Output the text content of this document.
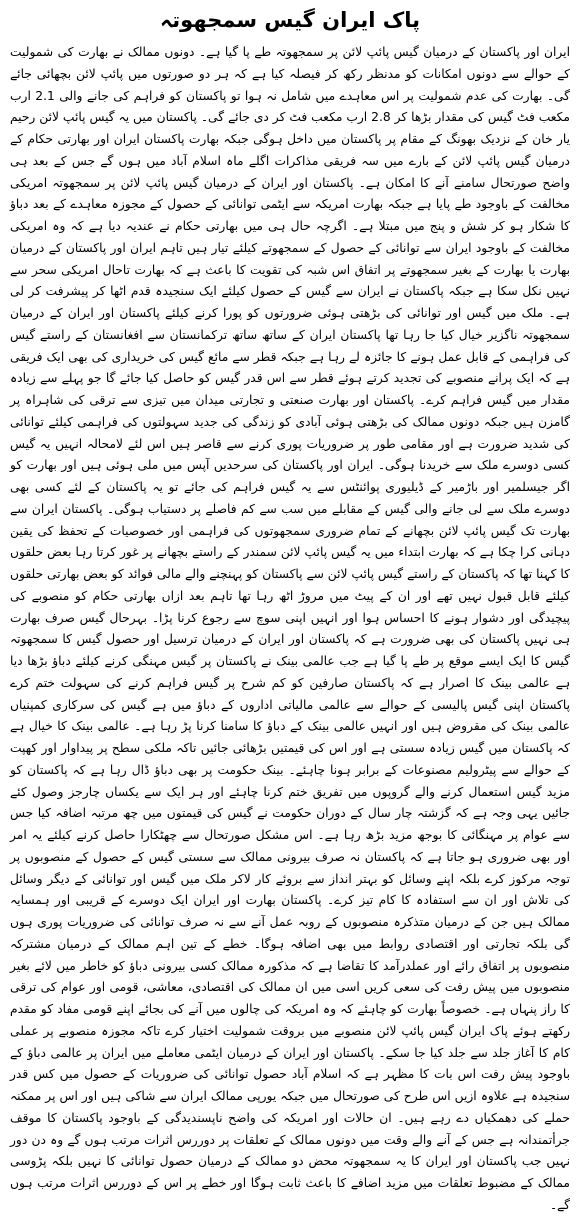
پاک ایران گیس سمجھوتہ

ایران اور پاکستان کے درمیان گیس پائپ لائن پر سمجھوتہ طے پا گیا ہے۔ دونوں ممالک نے بھارت کی شمولیت کے حوالے سے دونوں امکانات کو مدنظر رکھ کر فیصلہ کیا ہے کہ ہر دو صورتوں میں پائپ لائن بچھائی جائے گی۔ بھارت کی عدم شمولیت پر اس معاہدے میں شامل نہ ہوا تو پاکستان کو فراہم کی جانے والی 2.1 ارب مکعب فٹ گیس کی مقدار بڑھا کر 2.8 ارب مکعب فٹ کر دی جائے گی۔ پاکستان میں یہ گیس پائپ لائن رحیم یار خان کے نزدیک بھونگ کے مقام پر پاکستان میں داخل ہوگی جبکہ بھارت پاکستان ایران اور بھارتی حکام کے درمیان گیس پائپ لائن کے بارے میں سہ فریقی مذاکرات اگلے ماہ اسلام آباد میں ہوں گے جس کے بعد ہی واضح صورتحال سامنے آنے کا امکان ہے۔ پاکستان اور ایران کے درمیان گیس پائپ لائن پر سمجھوتہ امریکی مخالفت کے باوجود طے پایا ہے جبکہ بھارت امریکہ سے ایٹمی توانائی کے حصول کے مجوزہ معاہدے کے بعد دباؤ کا شکار ہو کر شش و پنج میں مبتلا ہے۔ اگرچہ حال ہی میں بھارتی حکام نے عندیہ دیا ہے کہ وہ امریکی مخالفت کے باوجود ایران سے توانائی کے حصول کے سمجھوتے کیلئے تیار ہیں تاہم ایران اور پاکستان کے درمیان بھارت یا بھارت کے بغیر سمجھوتے پر اتفاق اس شبہ کی تقویت کا باعث ہے کہ بھارت تاحال امریکی سحر سے نہیں نکل سکا ہے جبکہ پاکستان نے ایران سے گیس کے حصول کیلئے ایک سنجیدہ قدم اٹھا کر پیشرفت کر لی ہے۔ ملک میں گیس اور توانائی کی بڑھتی ہوئی ضرورتوں کو پورا کرنے کیلئے پاکستان اور ایران کے درمیان سمجھوتہ ناگزیر خیال کیا جا رہا تھا پاکستان ایران کے ساتھ ساتھ ترکمانستان سے افغانستان کے راستے گیس کی فراہمی کے قابل عمل ہونے کا جائزہ لے رہا ہے جبکہ قطر سے مائع گیس کی خریداری کی بھی ایک فریقی ہے کہ ایک پرانے منصوبے کی تجدید کرتے ہوئے قطر سے اس قدر گیس کو حاصل کیا جائے گا جو پہلے سے زیادہ مقدار میں گیس فراہم کرے۔ پاکستان اور بھارت صنعتی و تجارتی میدان میں تیزی سے ترقی کی شاہراہ پر گامزن ہیں جبکہ دونوں ممالک کی بڑھتی ہوئی آبادی کو زندگی کی جدید سہولتوں کی فراہمی کیلئے توانائی کی شدید ضرورت ہے اور مقامی طور پر ضروریات پوری کرنے سے قاصر ہیں اس لئے لامحالہ انہیں یہ گیس کسی دوسرے ملک سے خریدنا ہوگی۔ ایران اور پاکستان کی سرحدیں آپس میں ملی ہوئی ہیں اور بھارت کو اگر جیسلمیر اور باڑمیر کے ڈیلیوری پوائنٹس سے یہ گیس فراہم کی جائے تو یہ پاکستان کے لئے کسی بھی دوسرے ملک سے لی جانے والی گیس کے مقابلے میں سب سے کم فاصلے پر دستیاب ہوگی۔ پاکستان ایران سے بھارت تک گیس پائپ لائن بچھانے کے تمام ضروری سمجھوتوں کی فراہمی اور خصوصیات کے تحفظ کی یقین دہانی کرا چکا ہے کہ بھارت ابتداء میں یہ گیس پائپ لائن سمندر کے راستے بچھانے پر غور کرتا رہا بعض حلقوں کا کہنا تھا کہ پاکستان کے راستے گیس پائپ لائن سے پاکستان کو پہنچنے والے مالی فوائد کو بعض بھارتی حلقوں کیلئے قابل قبول نہیں تھے اور ان کے پیٹ میں مروڑ اٹھ رہا تھا تاہم بعد ازاں بھارتی حکام کو منصوبے کی پیچیدگی اور دشوار ہونے کا احساس ہوا اور انہیں اپنی سوچ سے رجوع کرنا پڑا۔ بہرحال گیس صرف بھارت ہی نہیں پاکستان کی بھی ضرورت ہے کہ پاکستان اور ایران کے درمیان ترسیل اور حصول گیس کا سمجھوتہ گیس کا ایک ایسے موقع پر طے پا گیا ہے جب عالمی بینک نے پاکستان پر گیس مہنگی کرنے کیلئے دباؤ بڑھا دیا ہے عالمی بینک کا اصرار ہے کہ پاکستان صارفین کو کم شرح پر گیس فراہم کرنے کی سہولت ختم کرے پاکستان اپنی گیس پالیسی کے حوالے سے عالمی مالیاتی اداروں کے دباؤ میں ہے گیس کی سرکاری کمپنیاں عالمی بینک کی مقروض ہیں اور انہیں عالمی بینک کے دباؤ کا سامنا کرنا پڑ رہا ہے۔ عالمی بینک کا خیال ہے کہ پاکستان میں گیس زیادہ سستی ہے اور اس کی قیمتیں بڑھائی جائیں تاکہ ملکی سطح پر پیداوار اور کھپت کے حوالے سے پیٹرولیم مصنوعات کے برابر ہونا چاہئے۔ بینک حکومت پر بھی دباؤ ڈال رہا ہے کہ پاکستان کو مزید گیس استعمال کرنے والے گروپوں میں تفریق ختم کرنا چاہئے اور ہر ایک سے یکساں چارجز وصول کئے جائیں یہی وجہ ہے کہ گزشتہ چار سال کے دوران حکومت نے گیس کی قیمتوں میں چھ مرتبہ اضافہ کیا جس سے عوام پر مہنگائی کا بوجھ مزید بڑھ رہا ہے۔ اس مشکل صورتحال سے چھٹکارا حاصل کرنے کیلئے یہ امر اور بھی ضروری ہو جاتا ہے کہ پاکستان نہ صرف بیرونی ممالک سے سستی گیس کے حصول کے منصوبوں پر توجہ مرکوز کرے بلکہ اپنے وسائل کو بہتر انداز سے بروئے کار لاکر ملک میں گیس اور توانائی کے دیگر وسائل کی تلاش اور ان سے استفادہ کا کام تیز کرے۔ پاکستان بھارت اور ایران ایک دوسرے کے قریبی اور ہمسایہ ممالک ہیں جن کے درمیان متذکرہ منصوبوں کے روبہ عمل آنے سے نہ صرف توانائی کی ضروریات پوری ہوں گی بلکہ تجارتی اور اقتصادی روابط میں بھی اضافہ ہوگا۔ خطے کے تین اہم ممالک کے درمیان مشترکہ منصوبوں پر اتفاق رائے اور عملدرآمد کا تقاضا ہے کہ مذکورہ ممالک کسی بیرونی دباؤ کو خاطر میں لائے بغیر منصوبوں میں پیش رفت کی سعی کریں اسی میں ان ممالک کی اقتصادی، معاشی، قومی اور عوام کی ترقی کا راز پنہاں ہے۔ خصوصاً بھارت کو چاہئے کہ وہ امریکہ کی چالوں میں آنے کی بجائے اپنے قومی مفاد کو مقدم رکھتے ہوئے پاک ایران گیس پائپ لائن منصوبے میں بروقت شمولیت اختیار کرے تاکہ مجوزہ منصوبے پر عملی کام کا آغاز جلد سے جلد کیا جا سکے۔ پاکستان اور ایران کے درمیان ایٹمی معاملے میں ایران پر عالمی دباؤ کے باوجود پیش رفت اس بات کا مظہر ہے کہ اسلام آباد حصول توانائی کی ضروریات کے حصول میں کس قدر سنجیدہ ہے علاوہ ازیں اس طرح کی صورتحال میں جبکہ یورپی ممالک ایران سے شاکی ہیں اور اس پر ممکنہ حملے کی دھمکیاں دے رہے ہیں۔ ان حالات اور امریکہ کی واضح ناپسندیدگی کے باوجود پاکستان کا موقف جرأتمندانہ ہے جس کے آنے والے وقت میں دونوں ممالک کے تعلقات پر دوررس اثرات مرتب ہوں گے وہ دن دور نہیں جب پاکستان اور ایران کا یہ سمجھوتہ محض دو ممالک کے درمیان حصول توانائی کا نہیں بلکہ پڑوسی ممالک کے مضبوط تعلقات میں مزید اضافے کا باعث ثابت ہوگا اور خطے پر اس کے دوررس اثرات مرتب ہوں گے۔
